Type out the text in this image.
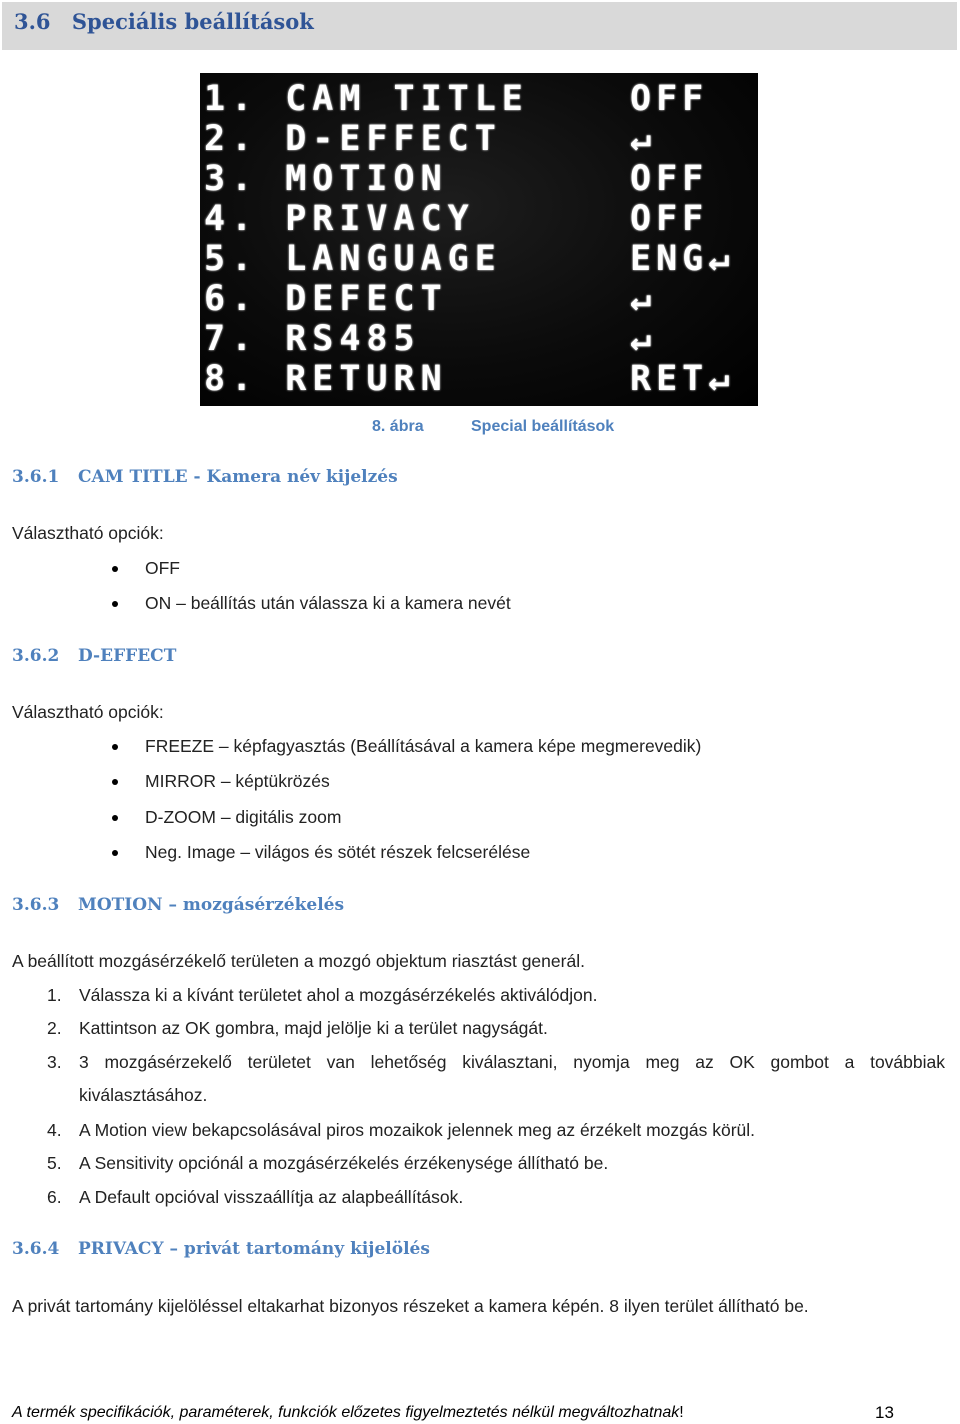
3.6 Speciális beállítások
1. CAM TITLE	OFF
2. D-EFFECT	↵
3. MOTION	OFF
4. PRIVACY	OFF
5. LANGUAGE	ENG↵
6. DEFECT	↵
7. RS485	↵
8. RETURN	RET↵
8. ábra	Special beállítások
3.6.1 CAM TITLE - Kamera név kijelzés
Választható opciók:
OFF
ON – beállítás után válassza ki a kamera nevét
3.6.2 D-EFFECT
Választható opciók:
FREEZE – képfagyasztás (Beállításával a kamera képe megmerevedik)
MIRROR – képtükrözés
D-ZOOM – digitális zoom
Neg. Image – világos és sötét részek felcserélése
3.6.3 MOTION – mozgásérzékelés
A beállított mozgásérzékelő területen a mozgó objektum riasztást generál.
1. Válassza ki a kívánt területet ahol a mozgásérzékelés aktiválódjon.
2. Kattintson az OK gombra, majd jelölje ki a terület nagyságát.
3. 3 mozgásérzekelő területet van lehetőség kiválasztani, nyomja meg az OK gombot a továbbiak
kiválasztásához.
4. A Motion view bekapcsolásával piros mozaikok jelennek meg az érzékelt mozgás körül.
5. A Sensitivity opciónál a mozgásérzékelés érzékenysége állítható be.
6. A Default opcióval visszaállítja az alapbeállítások.
3.6.4 PRIVACY – privát tartomány kijelölés
A privát tartomány kijelöléssel eltakarhat bizonyos részeket a kamera képén. 8 ilyen terület állítható be.
A termék specifikációk, paraméterek, funkciók előzetes figyelmeztetés nélkül megváltozhatnak!	13
